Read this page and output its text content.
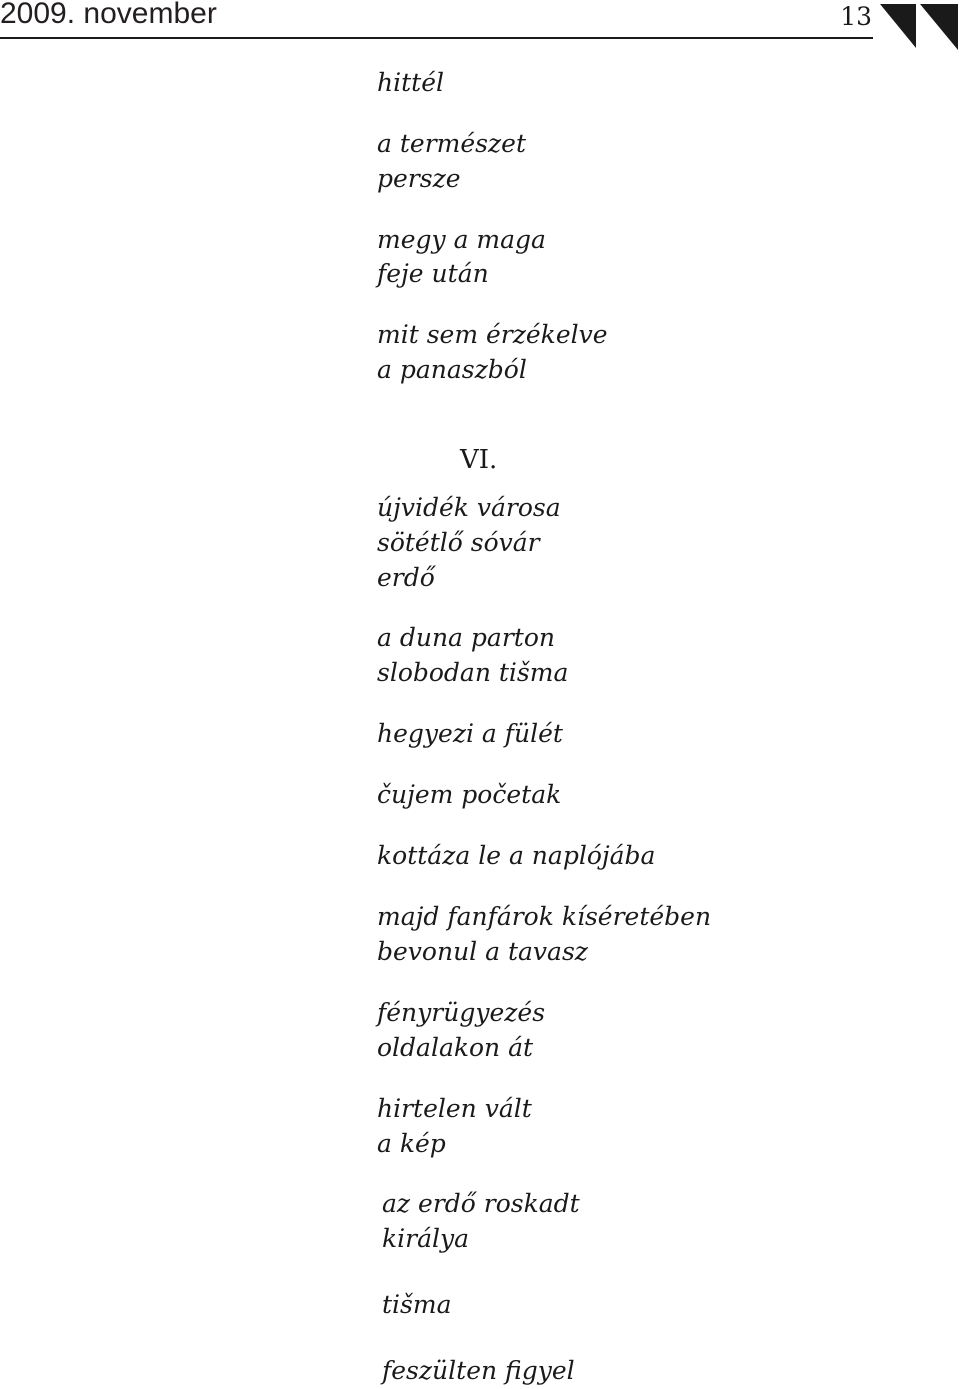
2009. november	13
hittél
a természet
persze
megy a maga
feje után
mit sem érzékelve
a panaszból
VI.
újvidék városa
sötétlő sóvár
erdő
a duna parton
slobodan tišma
hegyezi a fülét
čujem početak
kottáza le a naplójába
majd fanfárok kíséretében
bevonul a tavasz
fényrügyezés
oldalakon át
hirtelen vált
a kép
az erdő roskadt
királya
tišma
feszülten figyel
